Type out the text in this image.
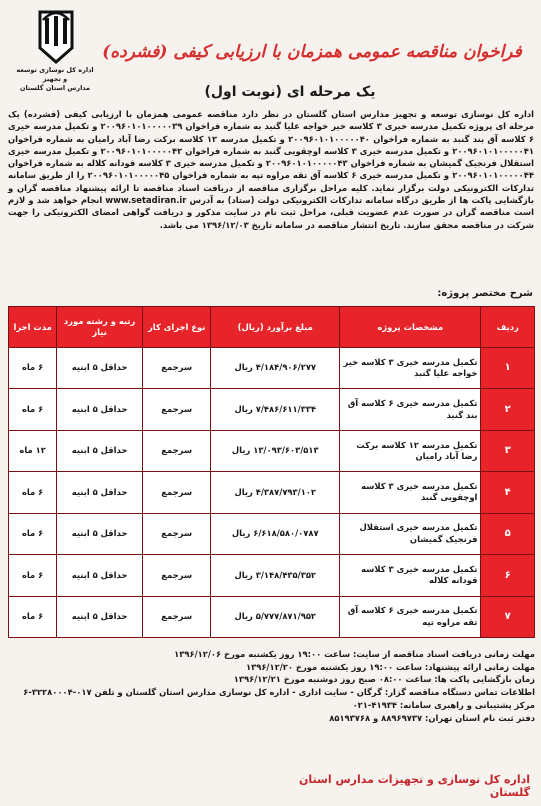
اداره کل نوسازی توسعه و تجهیز
مدارس استان گلستان
فراخوان مناقصه عمومی همزمان با ارزیابی کیفی (فشرده)
یک مرحله ای (نوبت اول)
اداره کل نوسازی توسعه و تجهیز مدارس استان گلستان در نظر دارد مناقصه عمومی همزمان با ارزیابی کیفی (فشرده) یک مرحله ای پروژه تکمیل مدرسه خیری ۳ کلاسه خیر خواجه علیا گنبد به شماره فراخوان ۲۰۰۹۶۰۱۰۱۰۰۰۰۰۳۹ و تکمیل مدرسه خیری ۶ کلاسه آق بند گنبد به شماره فراخوان ۲۰۰۹۶۰۱۰۱۰۰۰۰۰۴۰ و تکمیل مدرسه ۱۲ کلاسه برکت رضا آباد رامیان به شماره فراخوان ۲۰۰۹۶۰۱۰۱۰۰۰۰۰۴۱ و تکمیل مدرسه خیری ۳ کلاسه اوچقویی گنبد به شماره فراخوان ۲۰۰۹۶۰۱۰۱۰۰۰۰۰۴۲ و تکمیل مدرسه خیری استقلال فرنجیک گمیشان به شماره فراخوان ۲۰۰۹۶۰۱۰۱۰۰۰۰۰۴۳ و تکمیل مدرسه خیری ۳ کلاسه قودانه کلاله به شماره فراخوان ۲۰۰۹۶۰۱۰۱۰۰۰۰۰۴۴ و تکمیل مدرسه خیری ۶ کلاسه آق تقه مراوه تپه به شماره فراخوان ۲۰۰۹۶۰۱۰۱۰۰۰۰۰۴۵ را از طریق سامانه تدارکات الکترونیکی دولت برگزار نماید. کلیه مراحل برگزاری مناقصه از دریافت اسناد مناقصه تا ارائه پیشنهاد مناقصه گران و بازگشایی پاکت ها از طریق درگاه سامانه تدارکات الکترونیکی دولت (ستاد) به آدرس www.setadiran.ir انجام خواهد شد و لازم است مناقصه گران در صورت عدم عضویت قبلی، مراحل ثبت نام در سایت مذکور و دریافت گواهی امضای الکترونیکی را جهت شرکت در مناقصه محقق سازند. تاریخ انتشار مناقصه در سامانه تاریخ ۱۳۹۶/۱۲/۰۳ می باشد.
شرح مختصر پروژه:
ردیف	مشخصات پروژه	مبلغ برآورد (ریال)	نوع اجرای کار	رتبه و رشته مورد نیاز	مدت اجرا
۱	تکمیل مدرسه خیری ۳ کلاسه خیر خواجه علیا گنبد	۴/۱۸۴/۹۰۶/۲۷۷ ریال	سرجمع	حداقل ۵ ابنیه	۶ ماه
۲	تکمیل مدرسه خیری ۶ کلاسه آق بند گنبد	۷/۴۸۶/۶۱۱/۳۳۴ ریال	سرجمع	حداقل ۵ ابنیه	۶ ماه
۳	تکمیل مدرسه ۱۲ کلاسه برکت رضا آباد رامیان	۱۳/۰۹۳/۶۰۳/۵۱۳ ریال	سرجمع	حداقل ۵ ابنیه	۱۲ ماه
۴	تکمیل مدرسه خیری ۳ کلاسه اوچقویی گنبد	۴/۳۸۷/۷۹۳/۱۰۲ ریال	سرجمع	حداقل ۵ ابنیه	۶ ماه
۵	تکمیل مدرسه خیری استقلال فرنجیک گمیشان	۶/۶۱۸/۵۸۰/۰۷۸۷ ریال	سرجمع	حداقل ۵ ابنیه	۶ ماه
۶	تکمیل مدرسه خیری ۳ کلاسه قودانه کلاله	۳/۱۴۸/۴۳۵/۳۵۲ ریال	سرجمع	حداقل ۵ ابنیه	۶ ماه
۷	تکمیل مدرسه خیری ۶ کلاسه آق تقه مراوه تپه	۵/۷۷۷/۸۷۱/۹۵۲ ریال	سرجمع	حداقل ۵ ابنیه	۶ ماه

مهلت زمانی دریافت اسناد مناقصه از سایت: ساعت ۱۹:۰۰ روز یکشنبه مورخ ۱۳۹۶/۱۲/۰۶

مهلت زمانی ارائه پیشنهاد: ساعت ۱۹:۰۰ روز یکشنبه مورخ ۱۳۹۶/۱۲/۲۰

زمان بازگشایی پاکت ها: ساعت ۰۸:۰۰ صبح روز دوشنبه مورخ ۱۳۹۶/۱۲/۲۱

اطلاعات تماس دستگاه مناقصه گزار: گرگان - سایت اداری - اداره کل نوسازی مدارس استان گلستان و تلفن ۰۱۷-۳۲۲۸۰۰۰۴-۶

مرکز پشتیبانی و راهبری سامانه: ۴۱۹۳۴-۰۲۱

دفتر ثبت نام استان تهران: ۸۸۹۶۹۷۳۷ و ۸۵۱۹۳۷۶۸

اداره کل نوسازی و تجهیزات مدارس استان گلستان
